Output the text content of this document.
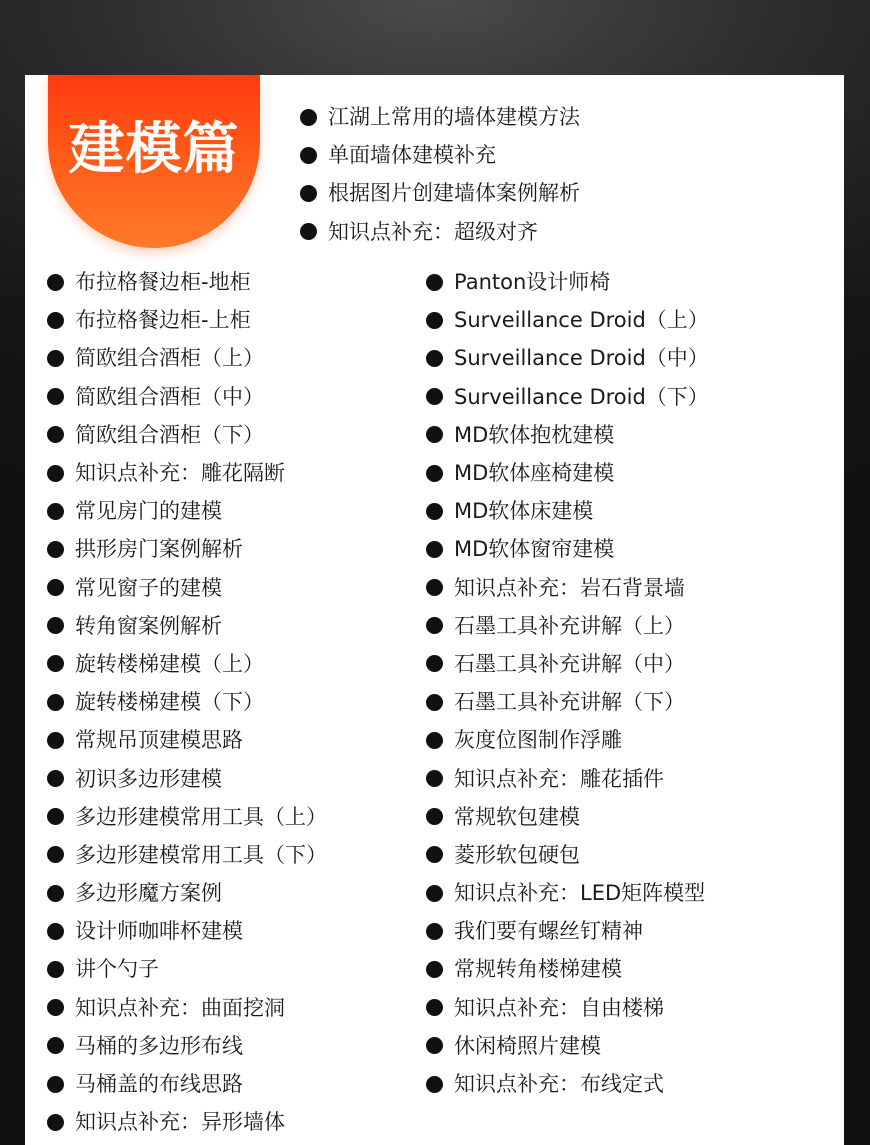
建模篇	江湖上常用的墙体建模方法
单面墙体建模补充
根据图片创建墙体案例解析
知识点补充：超级对齐
布拉格餐边柜-地柜
布拉格餐边柜-上柜
简欧组合酒柜（上）
简欧组合酒柜（中）
简欧组合酒柜（下）
知识点补充：雕花隔断
常见房门的建模
拱形房门案例解析
常见窗子的建模
转角窗案例解析
旋转楼梯建模（上）
旋转楼梯建模（下）
常规吊顶建模思路
初识多边形建模
多边形建模常用工具（上）
多边形建模常用工具（下）
多边形魔方案例
设计师咖啡杯建模
讲个勺子
知识点补充：曲面挖洞
马桶的多边形布线
马桶盖的布线思路
知识点补充：异形墙体
Panton设计师椅
Surveillance Droid（上）
Surveillance Droid（中）
Surveillance Droid（下）
MD软体抱枕建模
MD软体座椅建模
MD软体床建模
MD软体窗帘建模
知识点补充：岩石背景墙
石墨工具补充讲解（上）
石墨工具补充讲解（中）
石墨工具补充讲解（下）
灰度位图制作浮雕
知识点补充：雕花插件
常规软包建模
菱形软包硬包
知识点补充：LED矩阵模型
我们要有螺丝钉精神
常规转角楼梯建模
知识点补充：自由楼梯
休闲椅照片建模
知识点补充：布线定式
